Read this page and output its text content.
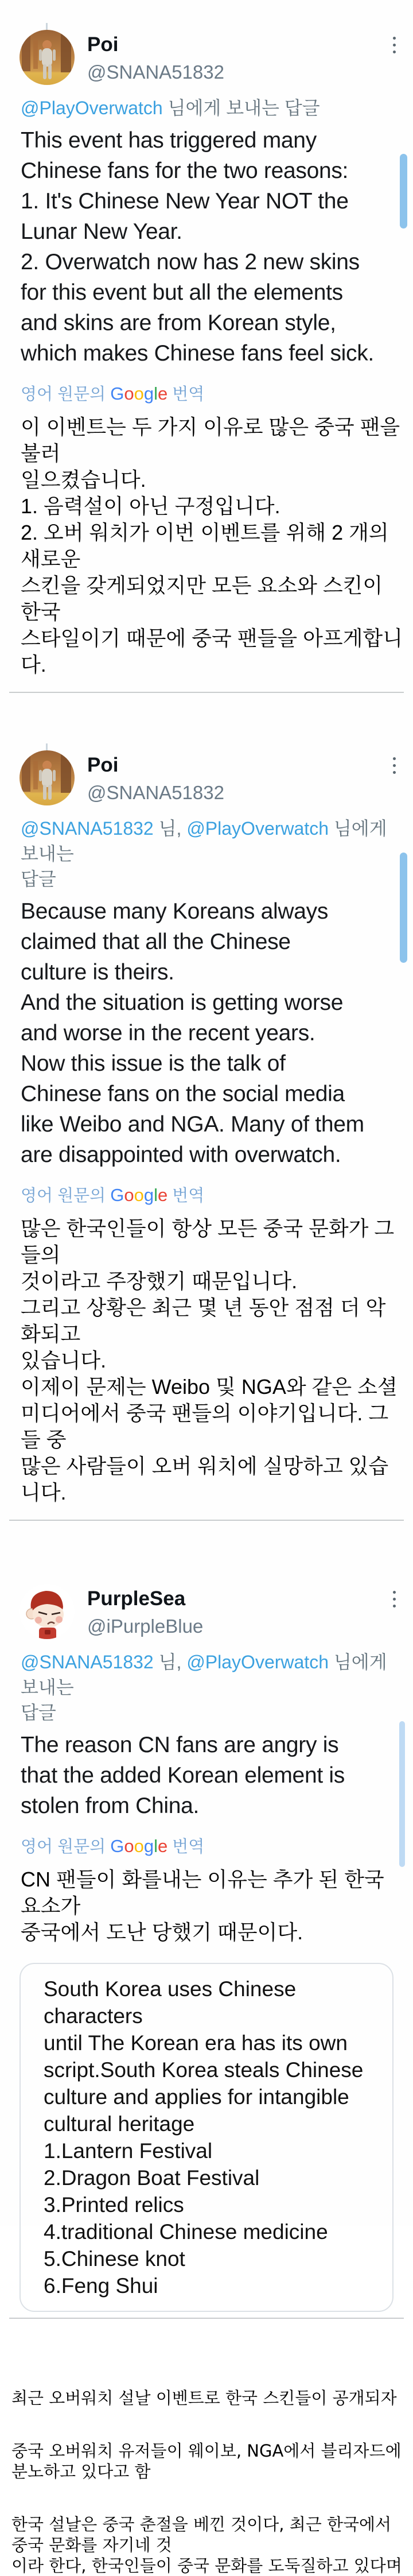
Poi
@SNANA51832
@PlayOverwatch 님에게 보내는 답글
This event has triggered many
Chinese fans for the two reasons:
1. It's Chinese New Year NOT the
Lunar New Year.
2. Overwatch now has 2 new skins
for this event but all the elements
and skins are from Korean style,
which makes Chinese fans feel sick.
영어 원문의 Google 번역
이 이벤트는 두 가지 이유로 많은 중국 팬을 불러
일으켰습니다.
1. 음력설이 아닌 구정입니다.
2. 오버 워치가 이번 이벤트를 위해 2 개의 새로운
스킨을 갖게되었지만 모든 요소와 스킨이 한국
스타일이기 때문에 중국 팬들을 아프게합니다.
Poi
@SNANA51832
@SNANA51832 님, @PlayOverwatch 님에게 보내는
답글
Because many Koreans always
claimed that all the Chinese
culture is theirs.
And the situation is getting worse
and worse in the recent years.
Now this issue is the talk of
Chinese fans on the social media
like Weibo and NGA. Many of them
are disappointed with overwatch.
영어 원문의 Google 번역
많은 한국인들이 항상 모든 중국 문화가 그들의
것이라고 주장했기 때문입니다.
그리고 상황은 최근 몇 년 동안 점점 더 악화되고
있습니다.
이제이 문제는 Weibo 및 NGA와 같은 소셜
미디어에서 중국 팬들의 이야기입니다. 그들 중
많은 사람들이 오버 워치에 실망하고 있습니다.
PurpleSea
@iPurpleBlue
@SNANA51832 님, @PlayOverwatch 님에게 보내는
답글
The reason CN fans are angry is
that the added Korean element is
stolen from China.
영어 원문의 Google 번역
CN 팬들이 화를내는 이유는 추가 된 한국 요소가
중국에서 도난 당했기 때문이다.
South Korea uses Chinese characters
until The Korean era has its own
script.South Korea steals Chinese
culture and applies for intangible
cultural heritage
1.Lantern Festival
2.Dragon Boat Festival
3.Printed relics
4.traditional Chinese medicine
5.Chinese knot
6.Feng Shui
최근 오버워치 설날 이벤트로 한국 스킨들이 공개되자
중국 오버워치 유저들이 웨이보, NGA에서 블리자드에 분노하고 있다고 함
한국 설날은 중국 춘절을 베낀 것이다, 최근 한국에서 중국 문화를 자기네 것
이라 한다, 한국인들이 중국 문화를 도둑질하고 있다며
